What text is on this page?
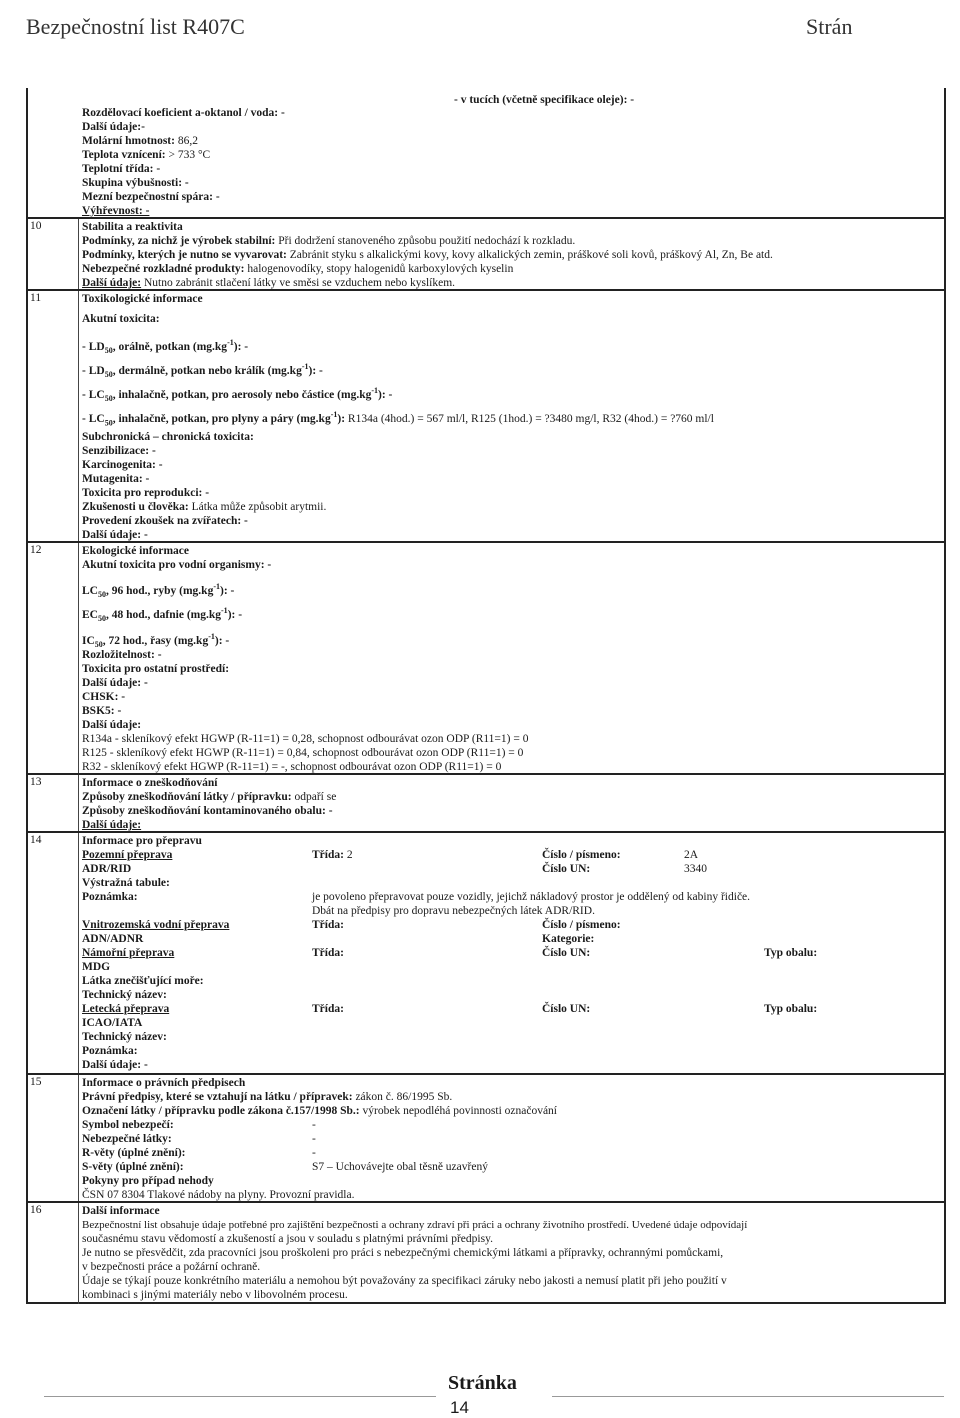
Bezpečnostní list R407C	Strán
- v tucích (včetně specifikace oleje): -
Rozdělovací koeficient a-oktanol / voda: -
Další údaje:-
Molární hmotnost: 86,2
Teplota vznícení: > 733 °C
Teplotní třída: -
Skupina výbušnosti: -
Mezní bezpečnostní spára: -
Výhřevnost: -
10	Stabilita a reaktivita
Podmínky, za nichž je výrobek stabilní: Při dodržení stanoveného způsobu použití nedochází k rozkladu.
Podmínky, kterých je nutno se vyvarovat: Zabránit styku s alkalickými kovy, kovy alkalických zemin, práškové soli kovů, práškový Al, Zn, Be atd.
Nebezpečné rozkladné produkty: halogenovodíky, stopy halogenidů karboxylových kyselin
Další údaje: Nutno zabránit stlačení látky ve směsi se vzduchem nebo kyslíkem.
11	Toxikologické informace
Akutní toxicita:
- $LD_{50}$, orálně, potkan $(mg.kg^{-1})$: -
- $LD_{50}$, dermálně, potkan nebo králík $(mg.kg^{-1})$: -
- $LC_{50}$, inhalačně, potkan, pro aerosoly nebo částice $(mg.kg^{-1})$: -
- $LC_{50}$, inhalačně, potkan, pro plyny a páry $(mg.kg^{-1})$: R134a (4hod.) = 567 ml/l, R125 (1hod.) = ?3480 mg/l, R32 (4hod.) = ?760 ml/l
Subchronická – chronická toxicita:
Senzibilizace: -
Karcinogenita: -
Mutagenita: -
Toxicita pro reprodukci: -
Zkušenosti u člověka: Látka může způsobit arytmii.
Provedení zkoušek na zvířatech: -
Další údaje: -
12	Ekologické informace
Akutní toxicita pro vodní organismy: -
$LC_{50}$, 96 hod., ryby $(mg.kg^{-1})$: -
$EC_{50}$, 48 hod., dafnie $(mg.kg^{-1})$: -
$IC_{50}$, 72 hod., řasy $(mg.kg^{-1})$: -
Rozložitelnost: -
Toxicita pro ostatní prostředí:
Další údaje: -
CHSK: -
BSK5: -
Další údaje:
R134a - skleníkový efekt HGWP (R-11=1) = 0,28, schopnost odbourávat ozon ODP (R11=1) = 0
R125 - skleníkový efekt HGWP (R-11=1) = 0,84, schopnost odbourávat ozon ODP (R11=1) = 0
R32 - skleníkový efekt HGWP (R-11=1) = -, schopnost odbourávat ozon ODP (R11=1) = 0
13	Informace o zneškodňování
Způsoby zneškodňování látky / přípravku: odpaří se
Způsoby zneškodňování kontaminovaného obalu: -
Další údaje:
14	Informace pro přepravu
Pozemní přeprava	Třída: 2	Číslo / písmeno:	2A
ADR/RID	Číslo UN:	3340
Výstražná tabule:
Poznámka:	je povoleno přepravovat pouze vozidly, jejichž nákladový prostor je oddělený od kabiny řidiče.
Dbát na předpisy pro dopravu nebezpečných látek ADR/RID.
Vnitrozemská vodní přeprava	Třída:	Číslo / písmeno:
ADN/ADNR	Kategorie:
Námořní přeprava	Třída:	Číslo UN:	Typ obalu:
MDG
Látka znečišťující moře:
Technický název:
Letecká přeprava	Třída:	Číslo UN:	Typ obalu:
ICAO/IATA
Technický název:
Poznámka:
Další údaje: -
15	Informace o právních předpisech
Právní předpisy, které se vztahují na látku / přípravek: zákon č. 86/1995 Sb.
Označení látky / přípravku podle zákona č.157/1998 Sb.: výrobek nepodléhá povinnosti označování
Symbol nebezpečí:	-
Nebezpečné látky:	-
R-věty (úplné znění):	-
S-věty (úplné znění):	S7 – Uchovávejte obal těsně uzavřený
Pokyny pro případ nehody
ČSN 07 8304 Tlakové nádoby na plyny. Provozní pravidla.
16	Další informace
Bezpečnostní list obsahuje údaje potřebné pro zajištění bezpečnosti a ochrany zdraví při práci a ochrany životního prostředí. Uvedené údaje odpovídají
současnému stavu vědomostí a zkušeností a jsou v souladu s platnými právními předpisy.
Je nutno se přesvědčit, zda pracovníci jsou proškoleni pro práci s nebezpečnými chemickými látkami a přípravky, ochrannými pomůckami,
v bezpečnosti práce a požární ochraně.
Údaje se týkají pouze konkrétního materiálu a nemohou být považovány za specifikaci záruky nebo jakosti a nemusí platit při jeho použití v
kombinaci s jinými materiály nebo v libovolném procesu.
Stránka
14
